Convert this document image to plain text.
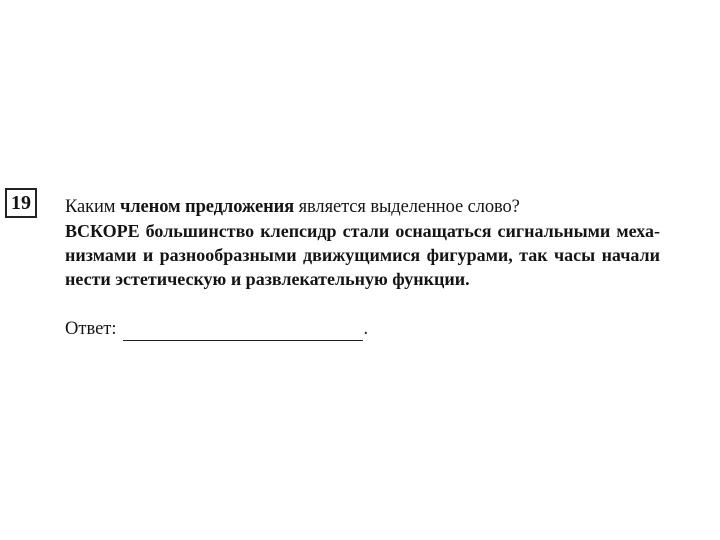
19	Каким членом предложения является выделенное слово?

ВСКОРЕ большинство клепсидр стали оснащаться сигнальными меха-низмами и разнообразными движущимися фигурами, так часы начали нести эстетическую и развлекательную функции.

Ответ:	.
